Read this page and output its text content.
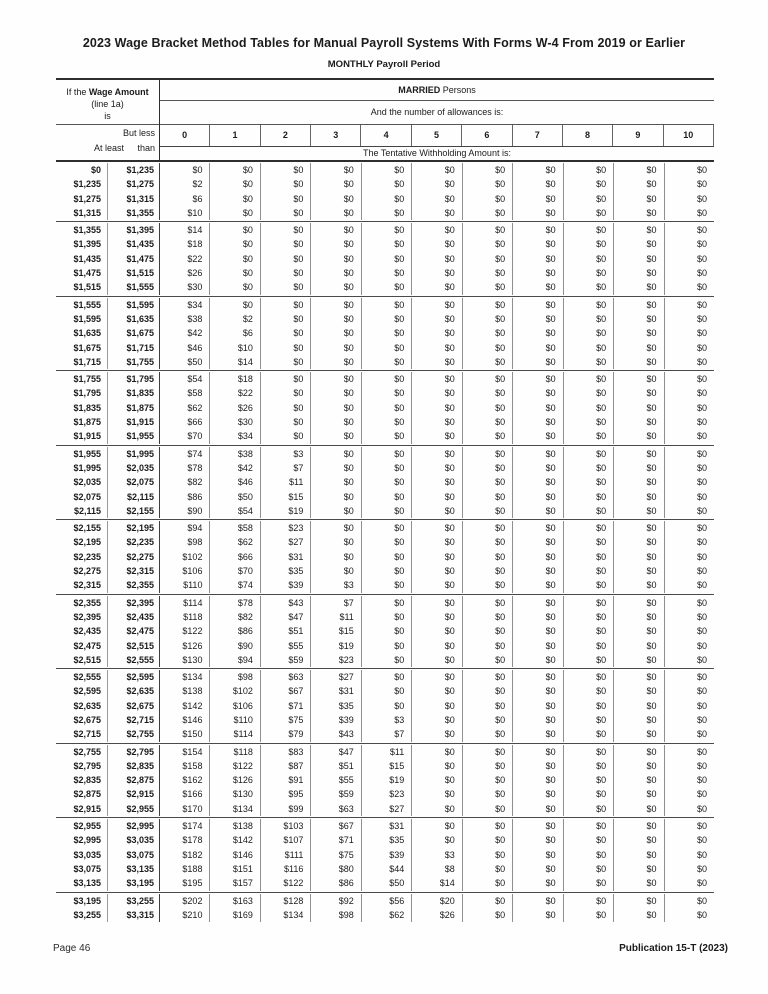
2023 Wage Bracket Method Tables for Manual Payroll Systems With Forms W-4 From 2019 or Earlier
MONTHLY Payroll Period
If the Wage Amount
(line 1a)
is
But less
At least than
MARRIED Persons
And the number of allowances is:
0	1	2	3	4	5	6	7	8	9	10
The Tentative Withholding Amount is:
$0	$1,235	$0	$0	$0	$0	$0	$0	$0	$0	$0	$0	$0
$1,235	$1,275	$2	$0	$0	$0	$0	$0	$0	$0	$0	$0	$0
$1,275	$1,315	$6	$0	$0	$0	$0	$0	$0	$0	$0	$0	$0
$1,315	$1,355	$10	$0	$0	$0	$0	$0	$0	$0	$0	$0	$0
$1,355	$1,395	$14	$0	$0	$0	$0	$0	$0	$0	$0	$0	$0
$1,395	$1,435	$18	$0	$0	$0	$0	$0	$0	$0	$0	$0	$0
$1,435	$1,475	$22	$0	$0	$0	$0	$0	$0	$0	$0	$0	$0
$1,475	$1,515	$26	$0	$0	$0	$0	$0	$0	$0	$0	$0	$0
$1,515	$1,555	$30	$0	$0	$0	$0	$0	$0	$0	$0	$0	$0
$1,555	$1,595	$34	$0	$0	$0	$0	$0	$0	$0	$0	$0	$0
$1,595	$1,635	$38	$2	$0	$0	$0	$0	$0	$0	$0	$0	$0
$1,635	$1,675	$42	$6	$0	$0	$0	$0	$0	$0	$0	$0	$0
$1,675	$1,715	$46	$10	$0	$0	$0	$0	$0	$0	$0	$0	$0
$1,715	$1,755	$50	$14	$0	$0	$0	$0	$0	$0	$0	$0	$0
$1,755	$1,795	$54	$18	$0	$0	$0	$0	$0	$0	$0	$0	$0
$1,795	$1,835	$58	$22	$0	$0	$0	$0	$0	$0	$0	$0	$0
$1,835	$1,875	$62	$26	$0	$0	$0	$0	$0	$0	$0	$0	$0
$1,875	$1,915	$66	$30	$0	$0	$0	$0	$0	$0	$0	$0	$0
$1,915	$1,955	$70	$34	$0	$0	$0	$0	$0	$0	$0	$0	$0
$1,955	$1,995	$74	$38	$3	$0	$0	$0	$0	$0	$0	$0	$0
$1,995	$2,035	$78	$42	$7	$0	$0	$0	$0	$0	$0	$0	$0
$2,035	$2,075	$82	$46	$11	$0	$0	$0	$0	$0	$0	$0	$0
$2,075	$2,115	$86	$50	$15	$0	$0	$0	$0	$0	$0	$0	$0
$2,115	$2,155	$90	$54	$19	$0	$0	$0	$0	$0	$0	$0	$0
$2,155	$2,195	$94	$58	$23	$0	$0	$0	$0	$0	$0	$0	$0
$2,195	$2,235	$98	$62	$27	$0	$0	$0	$0	$0	$0	$0	$0
$2,235	$2,275	$102	$66	$31	$0	$0	$0	$0	$0	$0	$0	$0
$2,275	$2,315	$106	$70	$35	$0	$0	$0	$0	$0	$0	$0	$0
$2,315	$2,355	$110	$74	$39	$3	$0	$0	$0	$0	$0	$0	$0
$2,355	$2,395	$114	$78	$43	$7	$0	$0	$0	$0	$0	$0	$0
$2,395	$2,435	$118	$82	$47	$11	$0	$0	$0	$0	$0	$0	$0
$2,435	$2,475	$122	$86	$51	$15	$0	$0	$0	$0	$0	$0	$0
$2,475	$2,515	$126	$90	$55	$19	$0	$0	$0	$0	$0	$0	$0
$2,515	$2,555	$130	$94	$59	$23	$0	$0	$0	$0	$0	$0	$0
$2,555	$2,595	$134	$98	$63	$27	$0	$0	$0	$0	$0	$0	$0
$2,595	$2,635	$138	$102	$67	$31	$0	$0	$0	$0	$0	$0	$0
$2,635	$2,675	$142	$106	$71	$35	$0	$0	$0	$0	$0	$0	$0
$2,675	$2,715	$146	$110	$75	$39	$3	$0	$0	$0	$0	$0	$0
$2,715	$2,755	$150	$114	$79	$43	$7	$0	$0	$0	$0	$0	$0
$2,755	$2,795	$154	$118	$83	$47	$11	$0	$0	$0	$0	$0	$0
$2,795	$2,835	$158	$122	$87	$51	$15	$0	$0	$0	$0	$0	$0
$2,835	$2,875	$162	$126	$91	$55	$19	$0	$0	$0	$0	$0	$0
$2,875	$2,915	$166	$130	$95	$59	$23	$0	$0	$0	$0	$0	$0
$2,915	$2,955	$170	$134	$99	$63	$27	$0	$0	$0	$0	$0	$0
$2,955	$2,995	$174	$138	$103	$67	$31	$0	$0	$0	$0	$0	$0
$2,995	$3,035	$178	$142	$107	$71	$35	$0	$0	$0	$0	$0	$0
$3,035	$3,075	$182	$146	$111	$75	$39	$3	$0	$0	$0	$0	$0
$3,075	$3,135	$188	$151	$116	$80	$44	$8	$0	$0	$0	$0	$0
$3,135	$3,195	$195	$157	$122	$86	$50	$14	$0	$0	$0	$0	$0
$3,195	$3,255	$202	$163	$128	$92	$56	$20	$0	$0	$0	$0	$0
$3,255	$3,315	$210	$169	$134	$98	$62	$26	$0	$0	$0	$0	$0
Page 46	Publication 15-T (2023)
